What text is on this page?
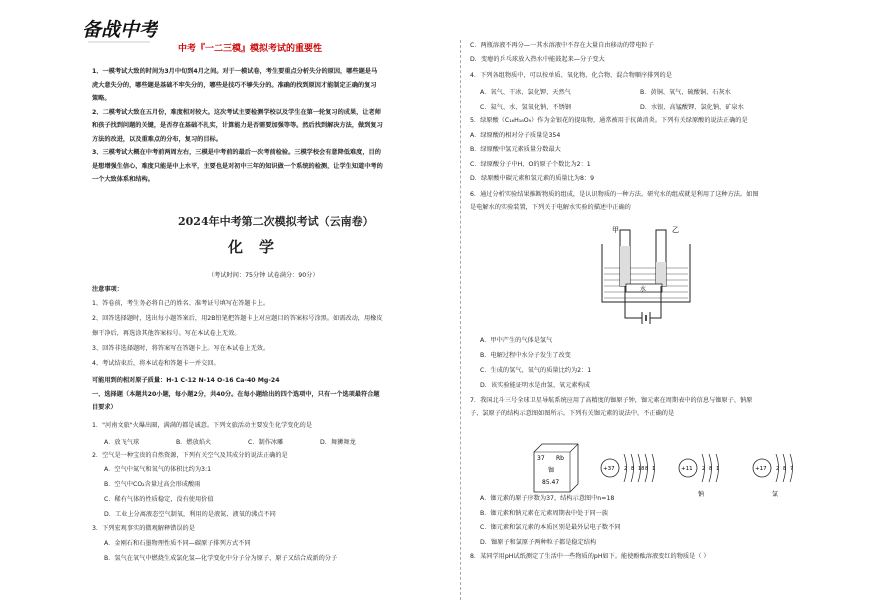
备战中考
中考『一二三模』模拟考试的重要性
1、一模考试大致的时间为3月中旬到4月之间。对于一模试卷，考生要重点分析失分的原因，哪些题是马
虎大意失分的，哪些题是基础不牢失分的，哪些是技巧不够失分的。准确的找到原因才能制定正确的复习
策略。
2、二模考试大致在五月份，难度相对较大。这次考试主要检测学校以及学生在第一轮复习的成果，让老师
和孩子找到问题的关键，是否存在基础不扎实，计算能力是否需要加强等等。然后找到解决方法，做到复习
方法的改进，以及重难点的分布，复习的目标。
3、三模考试大概在中考前两周左右，三模是中考前的最后一次考前检验。三模学校会有意降低难度，目的
是想增强生信心，难度只能是中上水平，主要也是对初中三年的知识做一个系统的检测，让学生知道中考的
一个大致体系和结构。
2024年中考第二次模拟考试（云南卷）
化学
（考试时间：75分钟 试卷满分：90分）
注意事项：
1、答卷前，考生务必将自己的姓名、准考证号填写在答题卡上。
2、回答选择题时，选出每小题答案后，用2B铅笔把答题卡上对应题目的答案标号涂黑。如需改动，用橡皮
擦干净后，再选涂其他答案标号。写在本试卷上无效。
3、回答非选择题时，将答案写在答题卡上。写在本试卷上无效。
4、考试结束后，将本试卷和答题卡一并交回。
可能用到的相对原子质量：H-1 C-12 N-14 O-16 Ca-40 Mg-24
一、选择题（本题共20小题，每小题2分，共40分。在每小题给出的四个选项中，只有一个选项最符合题
目要求）
1．"河南文旅"火爆出圈，满满的都是诚意。下列文旅活动主要发生化学变化的是
A．放飞气球	B．燃放焰火	C．制作冰雕	D．舞狮舞龙
2．空气是一种宝贵的自然资源，下列有关空气及其成分的说法正确的是
A．空气中氮气和氧气的体积比约为3:1
B．空气中CO₂含量过高会形成酸雨
C．稀有气体的性质稳定，没有使用价值
D．工业上分离液态空气制氧，利用的是液氮、液氧的沸点不同
3．下列宏观事实的微观解释错误的是
A．金刚石和石墨物理性质不同—碳原子排列方式不同
B．氢气在氧气中燃烧生成氯化氢—化学变化中分子分为原子，原子又结合成新的分子
C．两瓶溶液不再分—一其水溶液中不存在大量自由移动的带电粒子
D．变瘪的乒乓球放入热水中能鼓起来—分子变大
4．下列各组物质中，可以按单质、氧化物、化合物、混合物顺序排列的是
A．氧气、干冰、氯化钾、天然气	B．黄铜、氧气、硫酸铜、石灰水
C．氦气、水、氢氧化钠、不锈钢	D．水银、高锰酸钾、氯化钠、矿泉水
5．绿原酸（C₁₆H₁₈O₉）作为金银花的提取物，通常被用于抗菌消炎。下列有关绿原酸的说法正确的是
A．绿原酸的相对分子质量是354
B．绿原酸中氢元素质量分数最大
C．绿原酸分子中H、O的原子个数比为2：1
D．绿原酸中碳元素和氢元素的质量比为8：9
6．通过分析实验结果推断物质的组成，是认识物质的一种方法。研究水的组成就是利用了这种方法。如图
是电解水的实验装置，下列关于电解水实验的描述中正确的
水
甲	乙
A．甲中产生的气体是氢气
B．电解过程中水分子发生了改变
C．生成的氢气、氧气的质量比约为2：1
D．该实验能证明水是由氢、氧元素构成
7．我国北斗三号全球卫星导航系统应用了高精度的铷原子钟，铷元素在周期表中的信息与铷原子、钠原
子、氯原子的结构示意图如图所示。下列有关铷元素的说法中，不正确的是
37 Rb
铷
85.47
+37 2 8 18 8 1	+11 2 8 1
钠
+17 2 8 7
氯
A．铷元素的原子序数为37，结构示意图中n=18
B．铷元素和钠元素在元素周期表中处于同一族
C．铷元素和氯元素的本质区别是最外层电子数不同
D．铷原子和氯原子两种粒子都是稳定结构
8．某同学用pH试纸测定了生活中一些物质的pH如下。能使酚酞溶液变红的物质是（ ）
